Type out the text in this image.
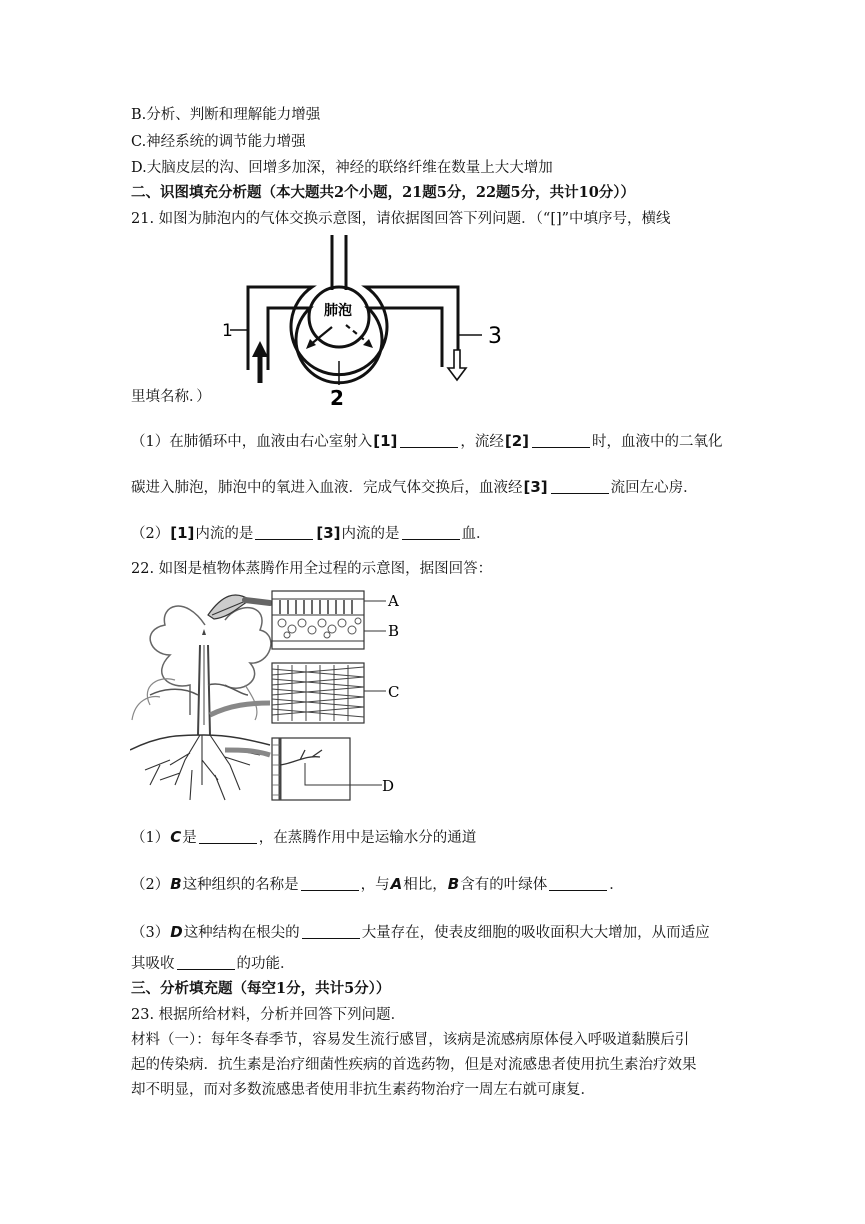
B.分析、判断和理解能力增强
C.神经系统的调节能力增强
D.大脑皮层的沟、回增多加深，神经的联络纤维在数量上大大增加
二、识图填充分析题（本大题共2个小题，21题5分，22题5分，共计10分））
21. 如图为肺泡内的气体交换示意图，请依据图回答下列问题．（“[]”中填序号，横线
肺泡
1	3
2
里填名称．）
（1）在肺循环中，血液由右心室射入[1]	，流经[2]	时，血液中的二氧化
碳进入肺泡，肺泡中的氧进入血液．完成气体交换后，血液经[3]	流回左心房．
（2）[1]内流的是	[3]内流的是	血．
22. 如图是植物体蒸腾作用全过程的示意图，据图回答：
A
B
C
D
（1）C是	，在蒸腾作用中是运输水分的通道
（2）B这种组织的名称是	，与A相比，B含有的叶绿体	．
（3）D这种结构在根尖的	大量存在，使表皮细胞的吸收面积大大增加，从而适应
其吸收	的功能．
三、分析填充题（每空1分，共计5分））
23. 根据所给材料，分析并回答下列问题．
材料（一）：每年冬春季节，容易发生流行感冒，该病是流感病原体侵入呼吸道黏膜后引
起的传染病．抗生素是治疗细菌性疾病的首选药物，但是对流感患者使用抗生素治疗效果
却不明显，而对多数流感患者使用非抗生素药物治疗一周左右就可康复．
